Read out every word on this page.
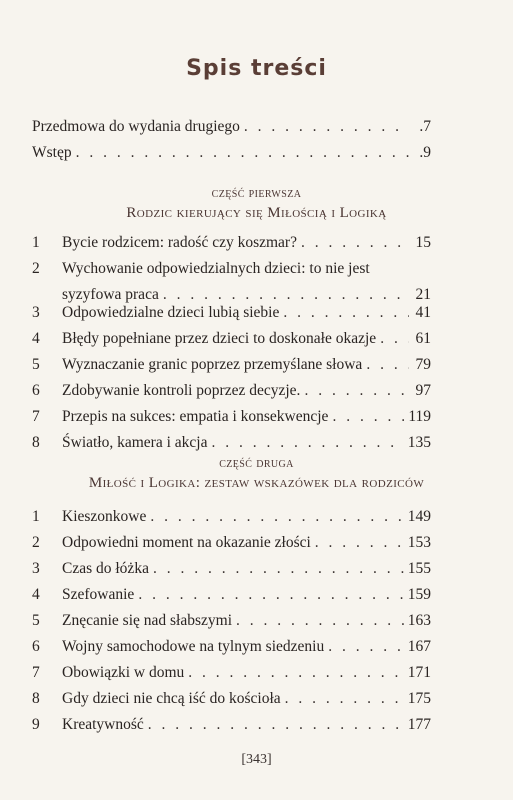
Spis treści
Przedmowa do wydania drugiego . . .	.7
Wstęp . . .	.9
część pierwsza
Rodzic kierujący się Miłością i Logiką
1	Bycie rodzicem: radość czy koszmar? . . .	15
2	Wychowanie odpowiedzialnych dzieci: to nie jest
syzyfowa praca . . .	21
3	Odpowiedzialne dzieci lubią siebie . . .	41
4	Błędy popełniane przez dzieci to doskonałe okazje . . .	61
5	Wyznaczanie granic poprzez przemyślane słowa . . .	79
6	Zdobywanie kontroli poprzez decyzje. . . .	97
7	Przepis na sukces: empatia i konsekwencje . . .	119
8	Światło, kamera i akcja . . .	135
część druga
Miłość i Logika: zestaw wskazówek dla rodziców
1	Kieszonkowe . . .	149
2	Odpowiedni moment na okazanie złości . . .	153
3	Czas do łóżka . . .	155
4	Szefowanie . . .	159
5	Znęcanie się nad słabszymi . . .	163
6	Wojny samochodowe na tylnym siedzeniu . . .	167
7	Obowiązki w domu . . .	171
8	Gdy dzieci nie chcą iść do kościoła . . .	175
9	Kreatywność . . .	177
[343]
